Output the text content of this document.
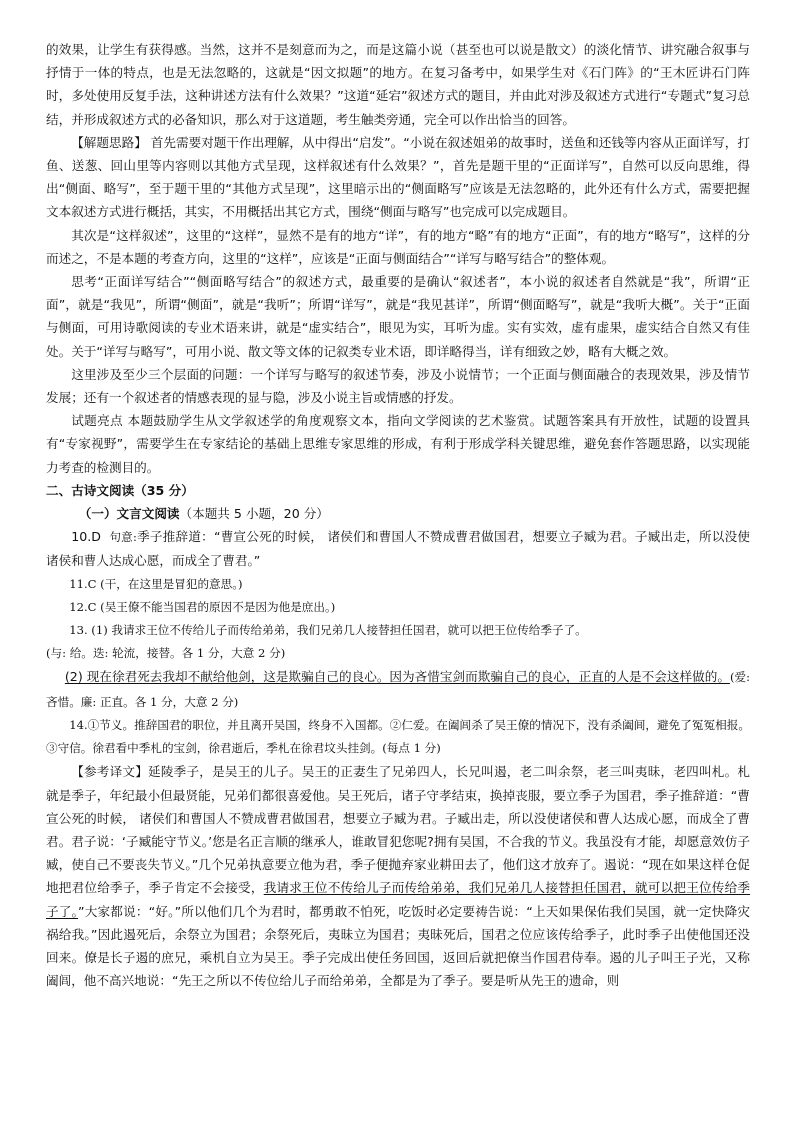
的效果，让学生有获得感。当然，这并不是刻意而为之，而是这篇小说（甚至也可以说是散文）的淡化情节、讲究融合叙事与抒情于一体的特点，也是无法忽略的，这就是“因文拟题”的地方。在复习备考中，如果学生对《石门阵》的“王木匠讲石门阵时，多处使用反复手法，这种讲述方法有什么效果？”这道“延宕”叙述方式的题目，并由此对涉及叙述方式进行“专题式”复习总结，并形成叙述方式的必备知识，那么对于这道题，考生触类旁通，完全可以作出恰当的回答。

【解题思路】 首先需要对题干作出理解，从中得出“启发”。“小说在叙述姐弟的故事时，送鱼和还钱等内容从正面详写，打鱼、送葱、回山里等内容则以其他方式呈现，这样叙述有什么效果？”，首先是题干里的“正面详写”，自然可以反向思维，得出“侧面、略写”，至于题干里的“其他方式呈现”，这里暗示出的“侧面略写”应该是无法忽略的，此外还有什么方式，需要把握文本叙述方式进行概括，其实，不用概括出其它方式，围绕“侧面与略写”也完成可以完成题目。

其次是“这样叙述”，这里的“这样”，显然不是有的地方“详”，有的地方“略”有的地方“正面”，有的地方“略写”，这样的分而述之，不是本题的考查方向，这里的“这样”，应该是“正面与侧面结合”“详写与略写结合”的整体观。

思考“正面详写结合”“侧面略写结合”的叙述方式，最重要的是确认“叙述者”，本小说的叙述者自然就是“我”，所谓“正面”，就是“我见”，所谓“侧面”，就是“我听”；所谓“详写”，就是“我见甚详”，所谓“侧面略写”，就是“我听大概”。关于“正面与侧面，可用诗歌阅读的专业术语来讲，就是“虚实结合”，眼见为实，耳听为虚。实有实效，虚有虚果，虚实结合自然又有佳处。关于“详写与略写”，可用小说、散文等文体的记叙类专业术语，即详略得当，详有细致之妙，略有大概之效。

这里涉及至少三个层面的问题：一个详写与略写的叙述节奏，涉及小说情节；一个正面与侧面融合的表现效果，涉及情节发展；还有一个叙述者的情感表现的显与隐，涉及小说主旨或情感的抒发。

试题亮点 本题鼓励学生从文学叙述学的角度观察文本，指向文学阅读的艺术鉴赏。试题答案具有开放性，试题的设置具有“专家视野”，需要学生在专家结论的基础上思维专家思维的形成，有利于形成学科关键思维，避免套作答题思路，以实现能力考查的检测目的。

二、古诗文阅读（35 分）

（一）文言文阅读（本题共 5 小题，20 分）

10.D 句意:季子推辞道：“曹宣公死的时候， 诸侯们和曹国人不赞成曹君做国君，想要立子臧为君。子臧出走，所以没使诸侯和曹人达成心愿，而成全了曹君。”

11.C (干，在这里是冒犯的意思。)

12.C (吴王僚不能当国君的原因不是因为他是庶出。)

13. (1) 我请求王位不传给儿子而传给弟弟，我们兄弟几人接替担任国君，就可以把王位传给季子了。

(与: 给。迭: 轮流，接替。各 1 分，大意 2 分)

(2) 现在徐君死去我却不献给他剑，这是欺骗自己的良心。因为吝惜宝剑而欺骗自己的良心，正直的人是不会这样做的。(爱: 吝惜。廉: 正直。各 1 分，大意 2 分)

14.①节义。推辞国君的职位，并且离开吴国，终身不入国都。②仁爱。在阖闾杀了吴王僚的情况下，没有杀阖闾，避免了冤冤相报。③守信。徐君看中季札的宝剑，徐君逝后，季札在徐君坟头挂剑。(每点 1 分)

【参考译文】延陵季子，是吴王的儿子。吴王的正妻生了兄弟四人，长兄叫遏，老二叫余祭，老三叫夷昧，老四叫札。札就是季子，年纪最小但最贤能，兄弟们都很喜爱他。吴王死后，诸子守孝结束，换掉丧服，要立季子为国君，季子推辞道：“曹宣公死的时候， 诸侯们和曹国人不赞成曹君做国君，想要立子臧为君。子臧出走，所以没使诸侯和曹人达成心愿，而成全了曹君。君子说：‘子臧能守节义。’您是名正言顺的继承人，谁敢冒犯您呢?拥有吴国，不合我的节义。我虽没有才能，却愿意效仿子臧，使自己不要丧失节义。”几个兄弟执意要立他为君，季子便抛弃家业耕田去了，他们这才放弃了。遏说：“现在如果这样仓促地把君位给季子，季子肯定不会接受，我请求王位不传给儿子而传给弟弟，我们兄弟几人接替担任国君，就可以把王位传给季子了。”大家都说：“好。”所以他们几个为君时，都勇敢不怕死，吃饭时必定要祷告说：“上天如果保佑我们吴国，就一定快降灾祸给我。”因此遏死后，余祭立为国君；余祭死后，夷昧立为国君；夷昧死后，国君之位应该传给季子，此时季子出使他国还没回来。僚是长子遏的庶兄，乘机自立为吴王。季子完成出使任务回国，返回后就把僚当作国君侍奉。遏的儿子叫王子光，又称阖闾，他不高兴地说：“先王之所以不传位给儿子而给弟弟，全都是为了季子。要是听从先王的遗命，则
